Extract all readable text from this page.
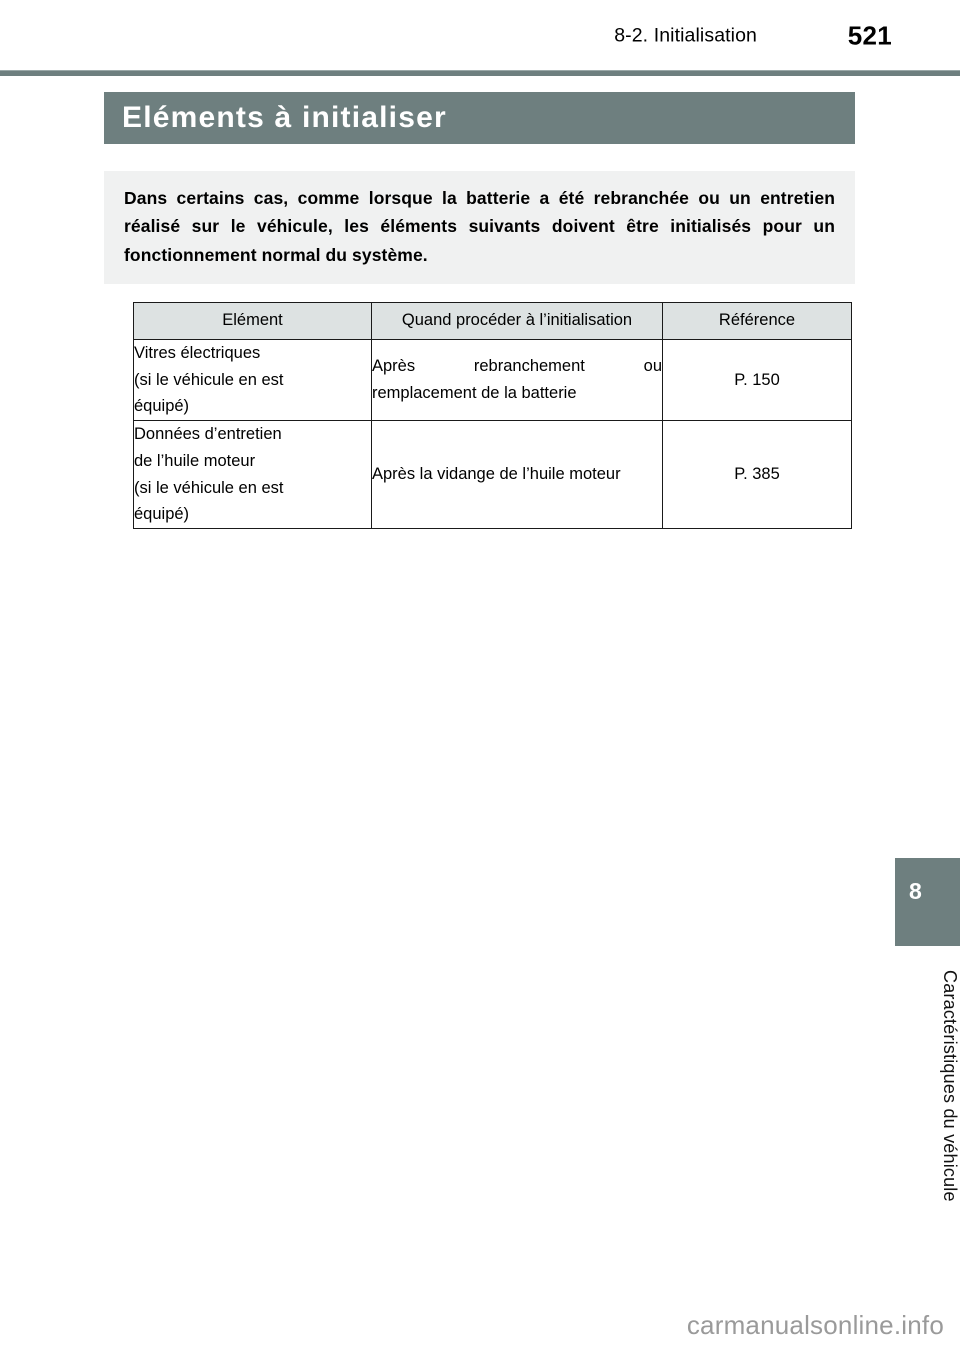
8-2. Initialisation	521
Eléments à initialiser

Dans certains cas, comme lorsque la batterie a été rebranchée ou un entretien réalisé sur le véhicule, les éléments suivants doivent être initialisés pour un fonctionnement normal du système.

Elément	Quand procéder à l’initialisation	Référence

Vitres électriques
(si le véhicule en est
équipé)	Après rebranchement ou remplacement de la batterie	P. 150

Données d’entretien
de l’huile moteur
(si le véhicule en est
équipé)	Après la vidange de l’huile moteur	P. 385
8
Caractéristiques du véhicule
carmanualsonline.info
